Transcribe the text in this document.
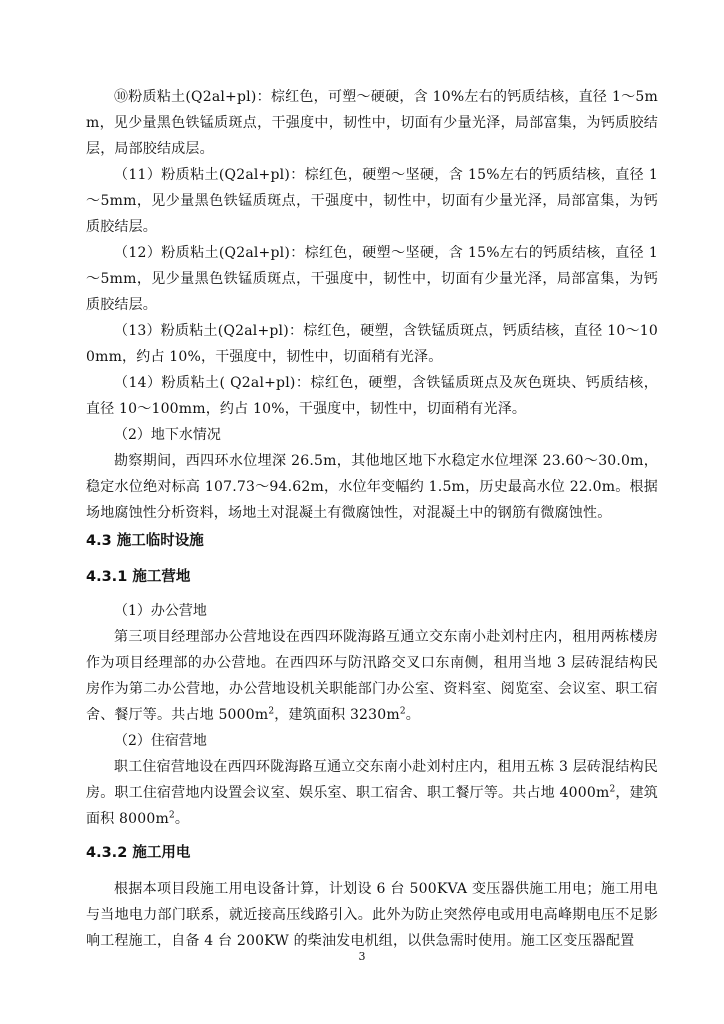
⑩粉质粘土(Q2al+pl)：棕红色，可塑～硬硬，含 10%左右的钙质结核，直径 1～5mm，见少量黑色铁锰质斑点，干强度中，韧性中，切面有少量光泽，局部富集，为钙质胶结层，局部胶结成层。

（11）粉质粘土(Q2al+pl)：棕红色，硬塑～坚硬，含 15%左右的钙质结核，直径 1～5mm，见少量黑色铁锰质斑点，干强度中，韧性中，切面有少量光泽，局部富集，为钙质胶结层。

（12）粉质粘土(Q2al+pl)：棕红色，硬塑～坚硬，含 15%左右的钙质结核，直径 1～5mm，见少量黑色铁锰质斑点，干强度中，韧性中，切面有少量光泽，局部富集，为钙质胶结层。

（13）粉质粘土(Q2al+pl)：棕红色，硬塑，含铁锰质斑点，钙质结核，直径 10～100mm，约占 10%，干强度中，韧性中，切面稍有光泽。

（14）粉质粘土( Q2al+pl)：棕红色，硬塑，含铁锰质斑点及灰色斑块、钙质结核，直径 10～100mm，约占 10%，干强度中，韧性中，切面稍有光泽。

（2）地下水情况

勘察期间，西四环水位埋深 26.5m，其他地区地下水稳定水位埋深 23.60～30.0m，稳定水位绝对标高 107.73～94.62m，水位年变幅约 1.5m，历史最高水位 22.0m。根据场地腐蚀性分析资料，场地土对混凝土有微腐蚀性，对混凝土中的钢筋有微腐蚀性。

4.3 施工临时设施
4.3.1 施工营地

（1）办公营地

第三项目经理部办公营地设在西四环陇海路互通立交东南小赴刘村庄内，租用两栋楼房作为项目经理部的办公营地。在西四环与防汛路交叉口东南侧，租用当地 3 层砖混结构民房作为第二办公营地，办公营地设机关职能部门办公室、资料室、阅览室、会议室、职工宿舍、餐厅等。共占地 $5000m^2$，建筑面积 $3230m^2$。

（2）住宿营地

职工住宿营地设在西四环陇海路互通立交东南小赴刘村庄内，租用五栋 3 层砖混结构民房。职工住宿营地内设置会议室、娱乐室、职工宿舍、职工餐厅等。共占地 $4000m^2$，建筑面积 $8000m^2$。

4.3.2 施工用电

根据本项目段施工用电设备计算，计划设 6 台 500KVA 变压器供施工用电；施工用电与当地电力部门联系，就近接高压线路引入。此外为防止突然停电或用电高峰期电压不足影响工程施工，自备 4 台 200KW 的柴油发电机组，以供急需时使用。施工区变压器配置

3
